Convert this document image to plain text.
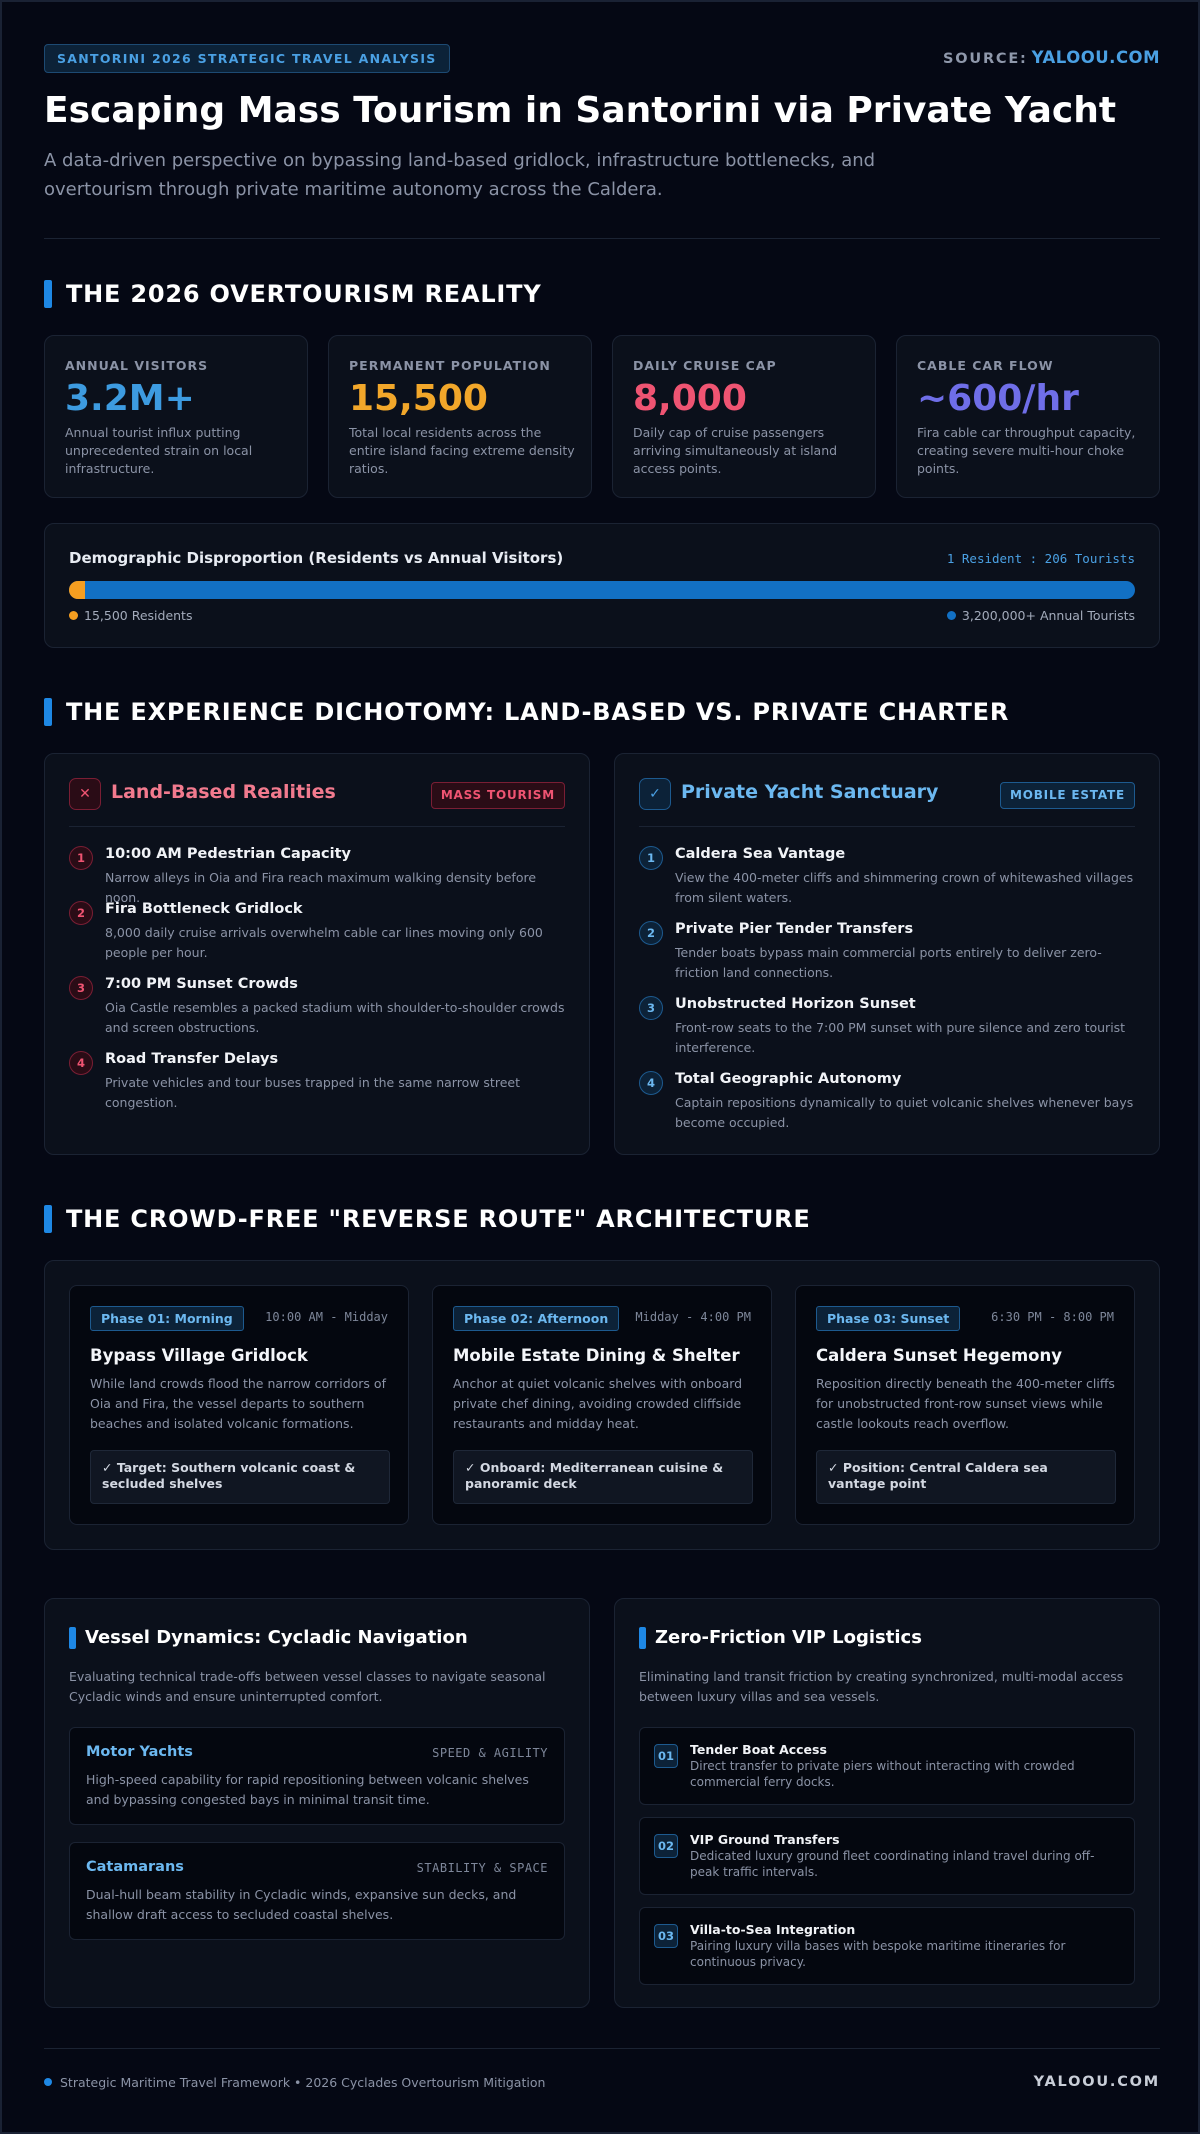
SANTORINI 2026 STRATEGIC TRAVEL ANALYSIS	SOURCE: YALOOU.COM
Escaping Mass Tourism in Santorini via Private Yacht

A data-driven perspective on bypassing land-based gridlock, infrastructure bottlenecks, and overtourism through private maritime autonomy across the Caldera.

THE 2026 OVERTOURISM REALITY
ANNUAL VISITORS
3.2M+
Annual tourist influx putting unprecedented strain on local infrastructure.
PERMANENT POPULATION
15,500
Total local residents across the entire island facing extreme density ratios.
DAILY CRUISE CAP
8,000
Daily cap of cruise passengers arriving simultaneously at island access points.
CABLE CAR FLOW
~600/hr
Fira cable car throughput capacity, creating severe multi-hour choke points.
Demographic Disproportion (Residents vs Annual Visitors)	1 Resident : 206 Tourists
15,500 Residents	3,200,000+ Annual Tourists
THE EXPERIENCE DICHOTOMY: LAND-BASED VS. PRIVATE CHARTER
✕	Land-Based Realities	MASS TOURISM
1	10:00 AM Pedestrian Capacity
Narrow alleys in Oia and Fira reach maximum walking density before noon.
2	Fira Bottleneck Gridlock
8,000 daily cruise arrivals overwhelm cable car lines moving only 600 people per hour.
3	7:00 PM Sunset Crowds
Oia Castle resembles a packed stadium with shoulder-to-shoulder crowds and screen obstructions.
4	Road Transfer Delays
Private vehicles and tour buses trapped in the same narrow street congestion.
✓	Private Yacht Sanctuary	MOBILE ESTATE
1	Caldera Sea Vantage
View the 400-meter cliffs and shimmering crown of whitewashed villages from silent waters.
2	Private Pier Tender Transfers
Tender boats bypass main commercial ports entirely to deliver zero-friction land connections.
3	Unobstructed Horizon Sunset
Front-row seats to the 7:00 PM sunset with pure silence and zero tourist interference.
4	Total Geographic Autonomy
Captain repositions dynamically to quiet volcanic shelves whenever bays become occupied.
THE CROWD-FREE "REVERSE ROUTE" ARCHITECTURE
Phase 01: Morning	10:00 AM - Midday
Bypass Village Gridlock
While land crowds flood the narrow corridors of Oia and Fira, the vessel departs to southern beaches and isolated volcanic formations.
✓ Target: Southern volcanic coast & secluded shelves
Phase 02: Afternoon	Midday - 4:00 PM
Mobile Estate Dining & Shelter
Anchor at quiet volcanic shelves with onboard private chef dining, avoiding crowded cliffside restaurants and midday heat.
✓ Onboard: Mediterranean cuisine & panoramic deck
Phase 03: Sunset	6:30 PM - 8:00 PM
Caldera Sunset Hegemony
Reposition directly beneath the 400-meter cliffs for unobstructed front-row sunset views while castle lookouts reach overflow.
✓ Position: Central Caldera sea vantage point
Vessel Dynamics: Cycladic Navigation
Evaluating technical trade-offs between vessel classes to navigate seasonal Cycladic winds and ensure uninterrupted comfort.
Motor Yachts	SPEED & AGILITY
High-speed capability for rapid repositioning between volcanic shelves and bypassing congested bays in minimal transit time.
Catamarans	STABILITY & SPACE
Dual-hull beam stability in Cycladic winds, expansive sun decks, and shallow draft access to secluded coastal shelves.
Zero-Friction VIP Logistics
Eliminating land transit friction by creating synchronized, multi-modal access between luxury villas and sea vessels.
01	Tender Boat Access
Direct transfer to private piers without interacting with crowded commercial ferry docks.
02	VIP Ground Transfers
Dedicated luxury ground fleet coordinating inland travel during off-peak traffic intervals.
03	Villa-to-Sea Integration
Pairing luxury villa bases with bespoke maritime itineraries for continuous privacy.
Strategic Maritime Travel Framework • 2026 Cyclades Overtourism Mitigation	YALOOU.COM
